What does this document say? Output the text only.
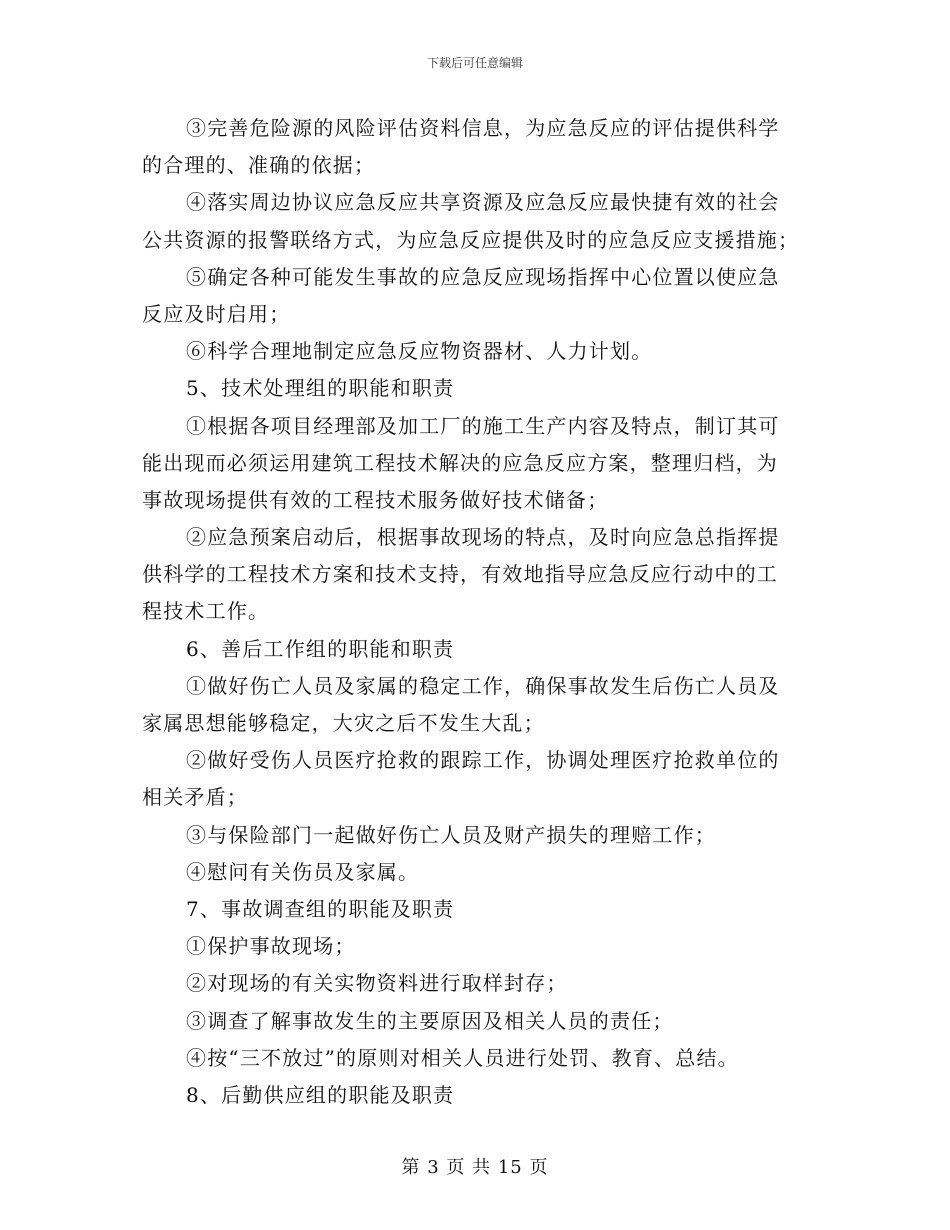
下载后可任意编辑
③完善危险源的风险评估资料信息，为应急反应的评估提供科学
的合理的、准确的依据；
④落实周边协议应急反应共享资源及应急反应最快捷有效的社会
公共资源的报警联络方式，为应急反应提供及时的应急反应支援措施；
⑤确定各种可能发生事故的应急反应现场指挥中心位置以使应急
反应及时启用；
⑥科学合理地制定应急反应物资器材、人力计划。
5、技术处理组的职能和职责
①根据各项目经理部及加工厂的施工生产内容及特点，制订其可
能出现而必须运用建筑工程技术解决的应急反应方案，整理归档，为
事故现场提供有效的工程技术服务做好技术储备；
②应急预案启动后，根据事故现场的特点，及时向应急总指挥提
供科学的工程技术方案和技术支持，有效地指导应急反应行动中的工
程技术工作。
6、善后工作组的职能和职责
①做好伤亡人员及家属的稳定工作，确保事故发生后伤亡人员及
家属思想能够稳定，大灾之后不发生大乱；
②做好受伤人员医疗抢救的跟踪工作，协调处理医疗抢救单位的
相关矛盾；
③与保险部门一起做好伤亡人员及财产损失的理赔工作；
④慰问有关伤员及家属。
7、事故调查组的职能及职责
①保护事故现场；
②对现场的有关实物资料进行取样封存；
③调查了解事故发生的主要原因及相关人员的责任；
④按“三不放过”的原则对相关人员进行处罚、教育、总结。
8、后勤供应组的职能及职责
第 3 页 共 15 页
